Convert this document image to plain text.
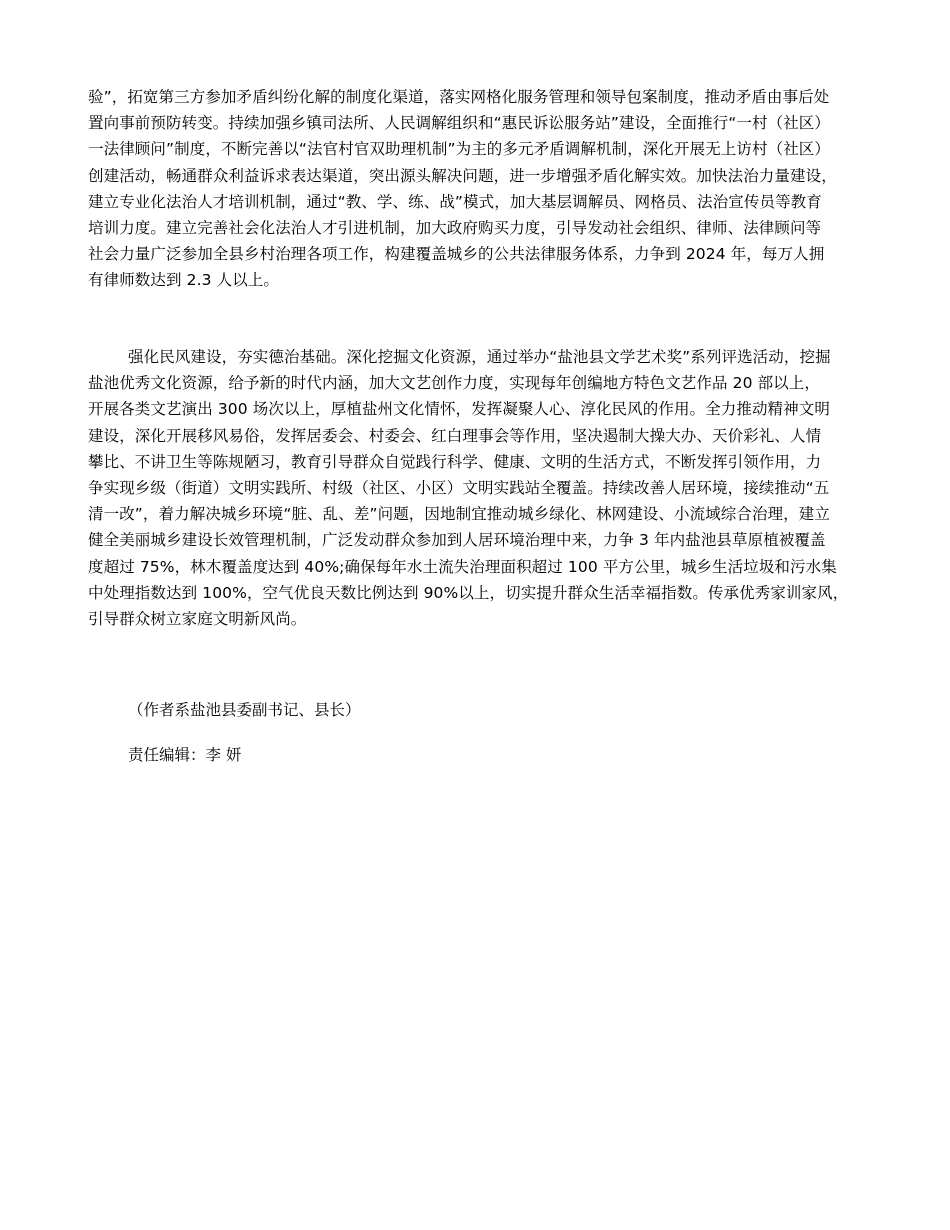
验”，拓宽第三方参加矛盾纠纷化解的制度化渠道，落实网格化服务管理和领导包案制度，推动矛盾由事后处
置向事前预防转变。持续加强乡镇司法所、人民调解组织和“惠民诉讼服务站”建设，全面推行“一村（社区）
一法律顾问”制度，不断完善以“法官村官双助理机制”为主的多元矛盾调解机制，深化开展无上访村（社区）
创建活动，畅通群众利益诉求表达渠道，突出源头解决问题，进一步增强矛盾化解实效。加快法治力量建设，
建立专业化法治人才培训机制，通过“教、学、练、战”模式，加大基层调解员、网格员、法治宣传员等教育
培训力度。建立完善社会化法治人才引进机制，加大政府购买力度，引导发动社会组织、律师、法律顾问等
社会力量广泛参加全县乡村治理各项工作，构建覆盖城乡的公共法律服务体系，力争到 2024 年，每万人拥
有律师数达到 2.3 人以上。
强化民风建设，夯实德治基础。深化挖掘文化资源，通过举办“盐池县文学艺术奖”系列评选活动，挖掘
盐池优秀文化资源，给予新的时代内涵，加大文艺创作力度，实现每年创编地方特色文艺作品 20 部以上，
开展各类文艺演出 300 场次以上，厚植盐州文化情怀，发挥凝聚人心、淳化民风的作用。全力推动精神文明
建设，深化开展移风易俗，发挥居委会、村委会、红白理事会等作用，坚决遏制大操大办、天价彩礼、人情
攀比、不讲卫生等陈规陋习，教育引导群众自觉践行科学、健康、文明的生活方式，不断发挥引领作用，力
争实现乡级（街道）文明实践所、村级（社区、小区）文明实践站全覆盖。持续改善人居环境，接续推动“五
清一改”，着力解决城乡环境“脏、乱、差”问题，因地制宜推动城乡绿化、林网建设、小流域综合治理，建立
健全美丽城乡建设长效管理机制，广泛发动群众参加到人居环境治理中来，力争 3 年内盐池县草原植被覆盖
度超过 75%，林木覆盖度达到 40%;确保每年水土流失治理面积超过 100 平方公里，城乡生活垃圾和污水集
中处理指数达到 100%，空气优良天数比例达到 90%以上，切实提升群众生活幸福指数。传承优秀家训家风，
引导群众树立家庭文明新风尚。

（作者系盐池县委副书记、县长）

责任编辑：李 妍
